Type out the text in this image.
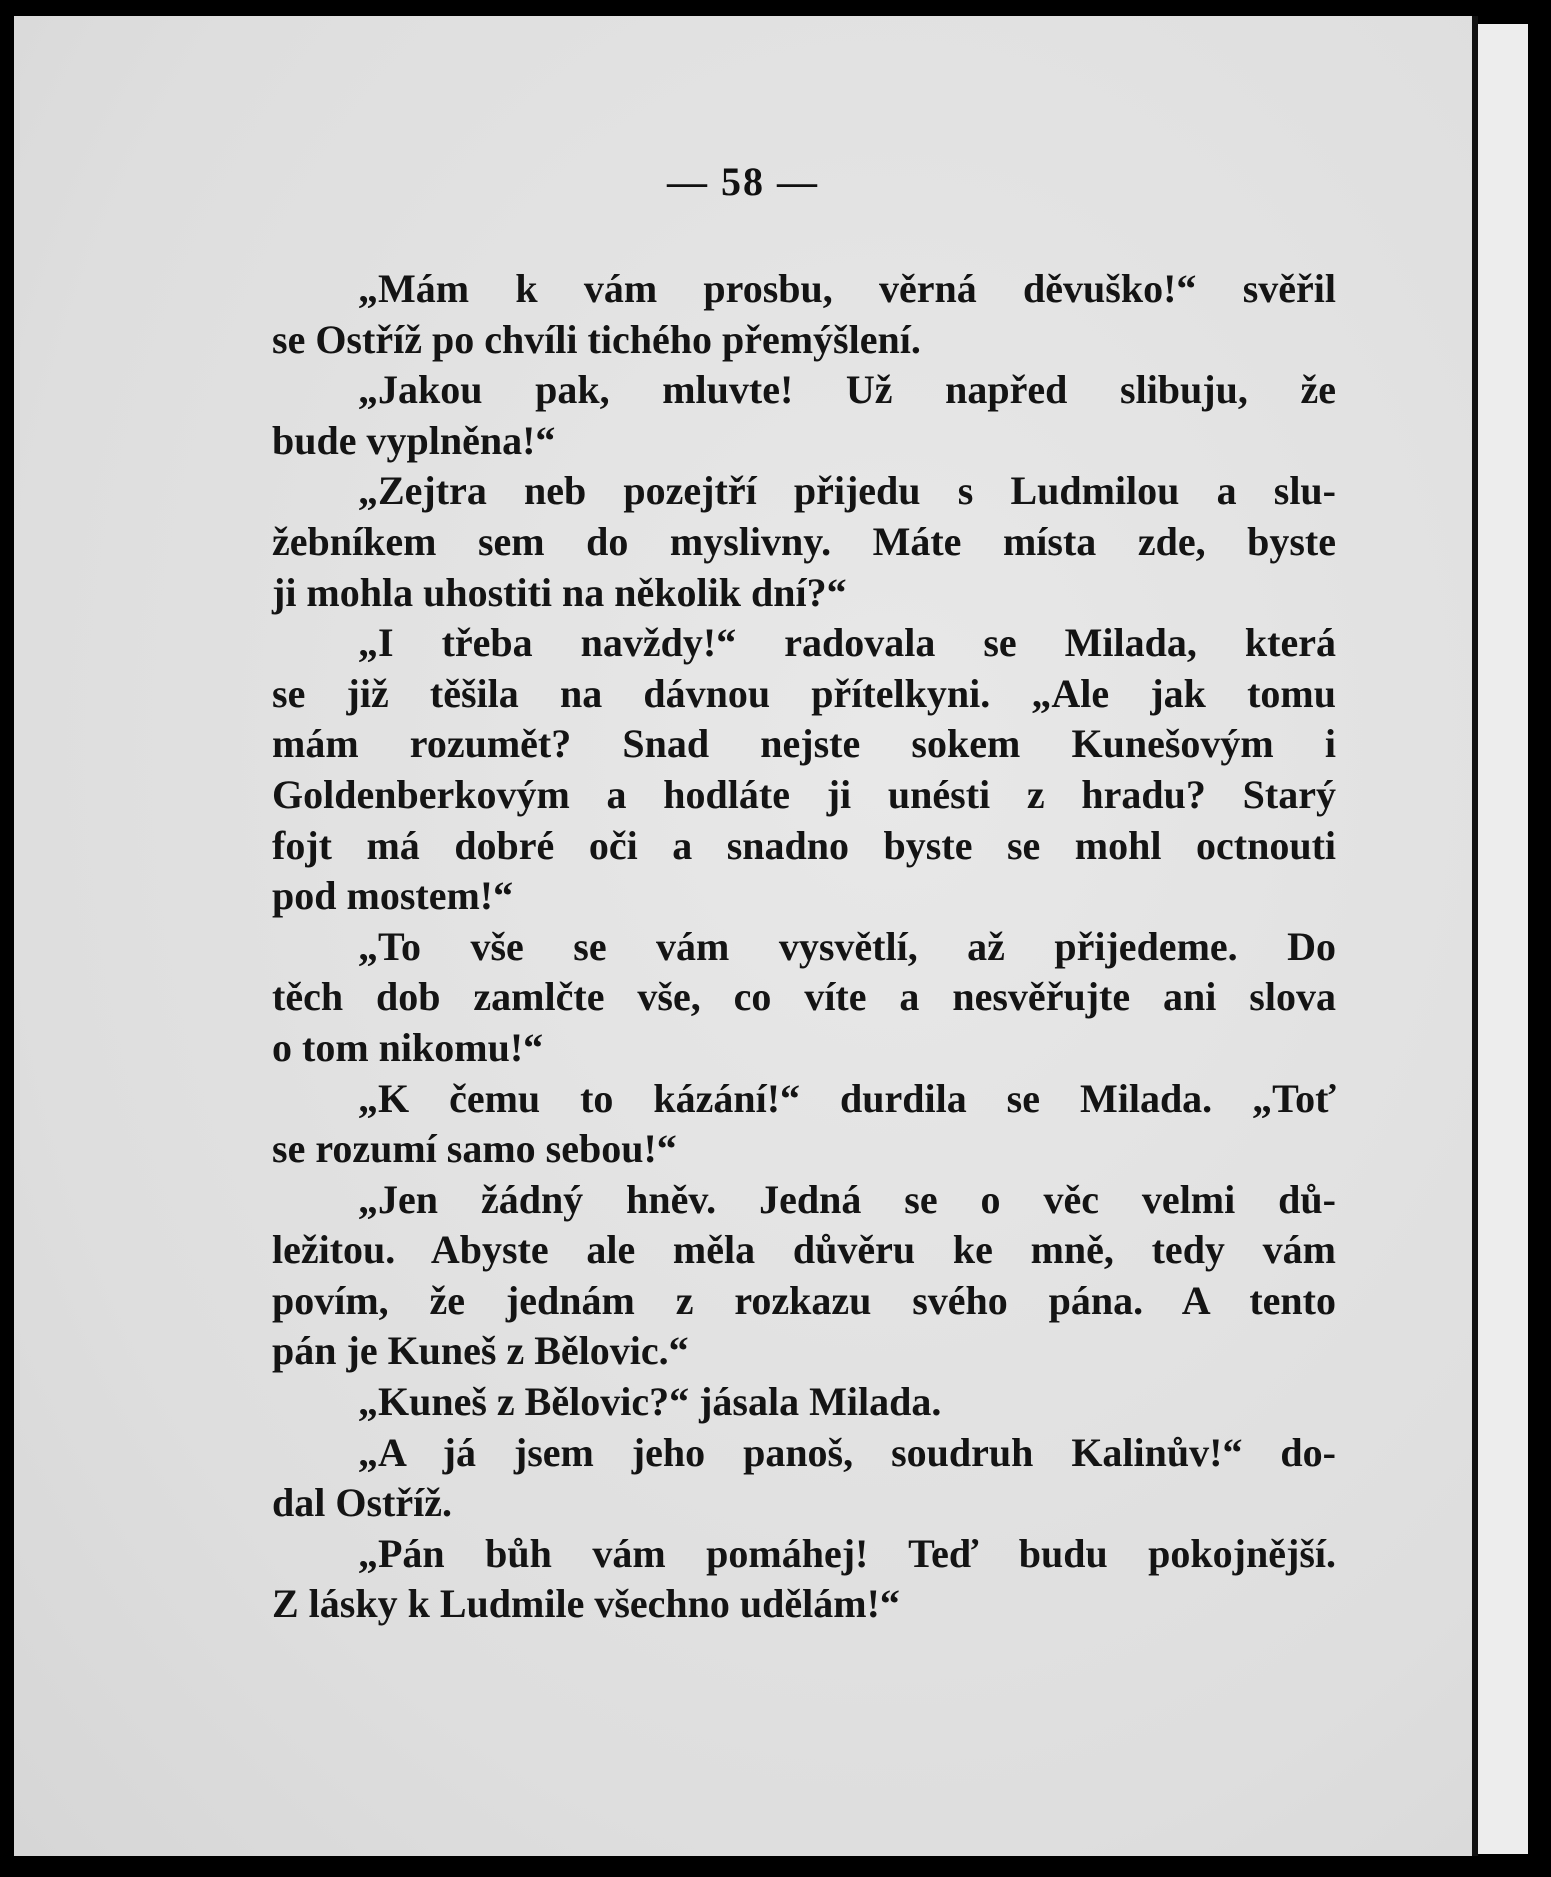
— 58 —
„Mám k vám prosbu, věrná děvuško!“ svěřil
se Ostříž po chvíli tichého přemýšlení.
„Jakou pak, mluvte! Už napřed slibuju, že
bude vyplněna!“
„Zejtra neb pozejtří přijedu s Ludmilou a slu-
žebníkem sem do myslivny. Máte místa zde, byste
ji mohla uhostiti na několik dní?“
„I třeba navždy!“ radovala se Milada, která
se již těšila na dávnou přítelkyni. „Ale jak tomu
mám rozumět? Snad nejste sokem Kunešovým i
Goldenberkovým a hodláte ji unésti z hradu? Starý
fojt má dobré oči a snadno byste se mohl octnouti
pod mostem!“
„To vše se vám vysvětlí, až přijedeme. Do
těch dob zamlčte vše, co víte a nesvěřujte ani slova
o tom nikomu!“
„K čemu to kázání!“ durdila se Milada. „Toť
se rozumí samo sebou!“
„Jen žádný hněv. Jedná se o věc velmi dů-
ležitou. Abyste ale měla důvěru ke mně, tedy vám
povím, že jednám z rozkazu svého pána. A tento
pán je Kuneš z Bělovic.“
„Kuneš z Bělovic?“ jásala Milada.
„A já jsem jeho panoš, soudruh Kalinův!“ do-
dal Ostříž.
„Pán bůh vám pomáhej! Teď budu pokojnější.
Z lásky k Ludmile všechno udělám!“
